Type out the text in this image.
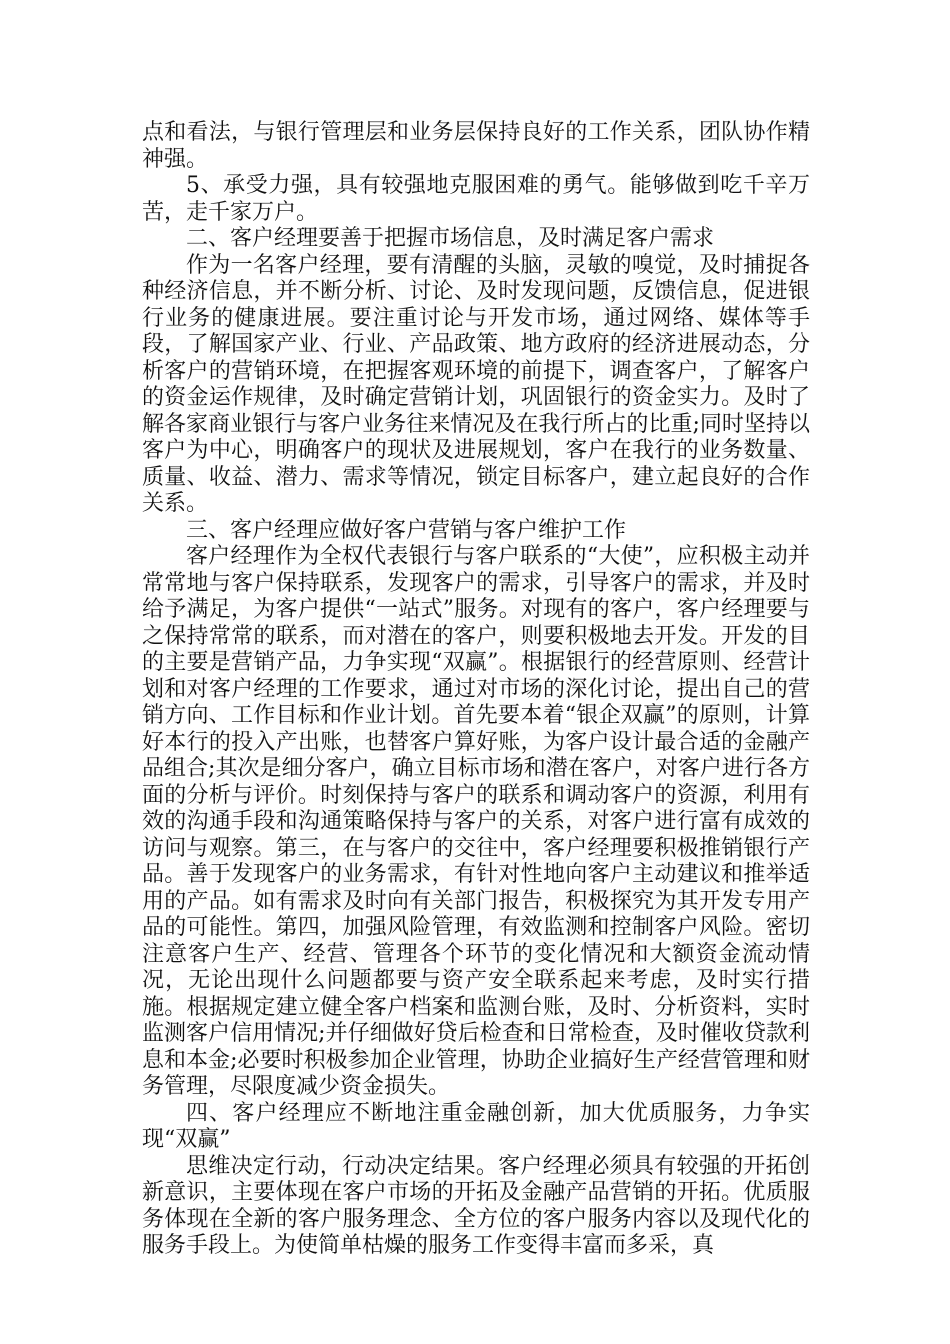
点和看法，与银行管理层和业务层保持良好的工作关系，团队协作精神强。

5、承受力强，具有较强地克服困难的勇气。能够做到吃千辛万苦，走千家万户。

二、客户经理要善于把握市场信息，及时满足客户需求

作为一名客户经理，要有清醒的头脑，灵敏的嗅觉，及时捕捉各种经济信息，并不断分析、讨论、及时发现问题，反馈信息，促进银行业务的健康进展。要注重讨论与开发市场，通过网络、媒体等手段，了解国家产业、行业、产品政策、地方政府的经济进展动态，分析客户的营销环境，在把握客观环境的前提下，调查客户，了解客户的资金运作规律，及时确定营销计划，巩固银行的资金实力。及时了解各家商业银行与客户业务往来情况及在我行所占的比重;同时坚持以客户为中心，明确客户的现状及进展规划，客户在我行的业务数量、质量、收益、潜力、需求等情况，锁定目标客户，建立起良好的合作关系。

三、客户经理应做好客户营销与客户维护工作

客户经理作为全权代表银行与客户联系的“大使”，应积极主动并常常地与客户保持联系，发现客户的需求，引导客户的需求，并及时给予满足，为客户提供“一站式”服务。对现有的客户，客户经理要与之保持常常的联系，而对潜在的客户，则要积极地去开发。开发的目的主要是营销产品，力争实现“双赢”。根据银行的经营原则、经营计划和对客户经理的工作要求，通过对市场的深化讨论，提出自己的营销方向、工作目标和作业计划。首先要本着“银企双赢”的原则，计算好本行的投入产出账，也替客户算好账，为客户设计最合适的金融产品组合;其次是细分客户，确立目标市场和潜在客户，对客户进行各方面的分析与评价。时刻保持与客户的联系和调动客户的资源，利用有效的沟通手段和沟通策略保持与客户的关系，对客户进行富有成效的访问与观察。第三，在与客户的交往中，客户经理要积极推销银行产品。善于发现客户的业务需求，有针对性地向客户主动建议和推举适用的产品。如有需求及时向有关部门报告，积极探究为其开发专用产品的可能性。第四，加强风险管理，有效监测和控制客户风险。密切注意客户生产、经营、管理各个环节的变化情况和大额资金流动情况，无论出现什么问题都要与资产安全联系起来考虑，及时实行措施。根据规定建立健全客户档案和监测台账，及时、分析资料，实时监测客户信用情况;并仔细做好贷后检查和日常检查，及时催收贷款利息和本金;必要时积极参加企业管理，协助企业搞好生产经营管理和财务管理，尽限度减少资金损失。

四、客户经理应不断地注重金融创新，加大优质服务，力争实现“双赢”

思维决定行动，行动决定结果。客户经理必须具有较强的开拓创新意识，主要体现在客户市场的开拓及金融产品营销的开拓。优质服务体现在全新的客户服务理念、全方位的客户服务内容以及现代化的服务手段上。为使简单枯燥的服务工作变得丰富而多采，真
